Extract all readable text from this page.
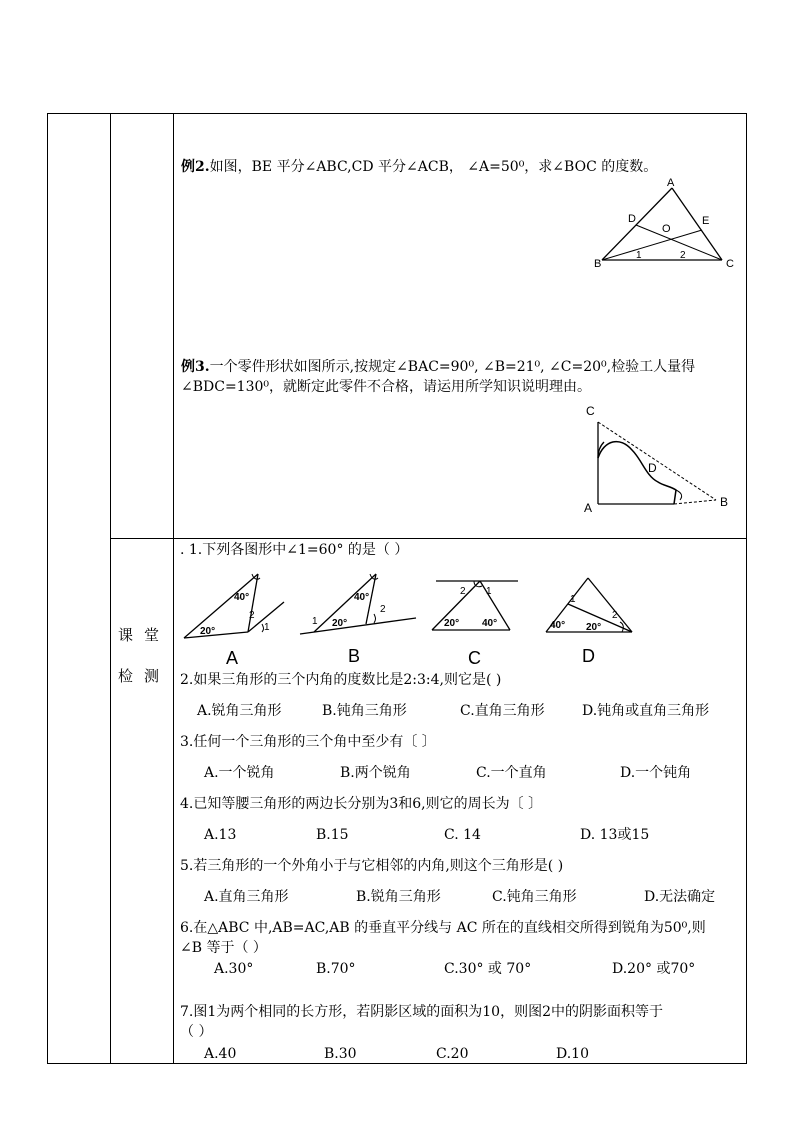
课 堂
检 测
例2.如图，BE 平分∠ABC,CD 平分∠ACB， ∠A=50⁰，求∠BOC 的度数。
A
B	C
D	E
O
1	2
例3.一个零件形状如图所示,按规定∠BAC=90⁰, ∠B=21⁰, ∠C=20⁰,检验工人量得
∠BDC=130⁰，就断定此零件不合格，请运用所学知识说明理由。
C
D
A	B
. 1.下列各图形中∠1=60° 的是（ ）
40°
20°
2
1
A
40°
20°
1
2
B
2 1
20° 40°
C
1
2
40° 20°
D
2.如果三角形的三个内角的度数比是2:3:4,则它是( )
A.锐角三角形	B.钝角三角形	C.直角三角形	D.钝角或直角三角形
3.任何一个三角形的三个角中至少有〔 〕
A.一个锐角	B.两个锐角	C.一个直角	D.一个钝角
4.已知等腰三角形的两边长分别为3和6,则它的周长为〔 〕
A.13	B.15	C. 14	D. 13或15
5.若三角形的一个外角小于与它相邻的内角,则这个三角形是( )
A.直角三角形	B.锐角三角形	C.钝角三角形	D.无法确定
6.在△ABC 中,AB=AC,AB 的垂直平分线与 AC 所在的直线相交所得到锐角为50⁰,则
∠B 等于（ ）
A.30°	B.70°	C.30° 或 70°	D.20° 或70°
7.图1为两个相同的长方形，若阴影区域的面积为10，则图2中的阴影面积等于
（ ）
A.40	B.30	C.20	D.10
